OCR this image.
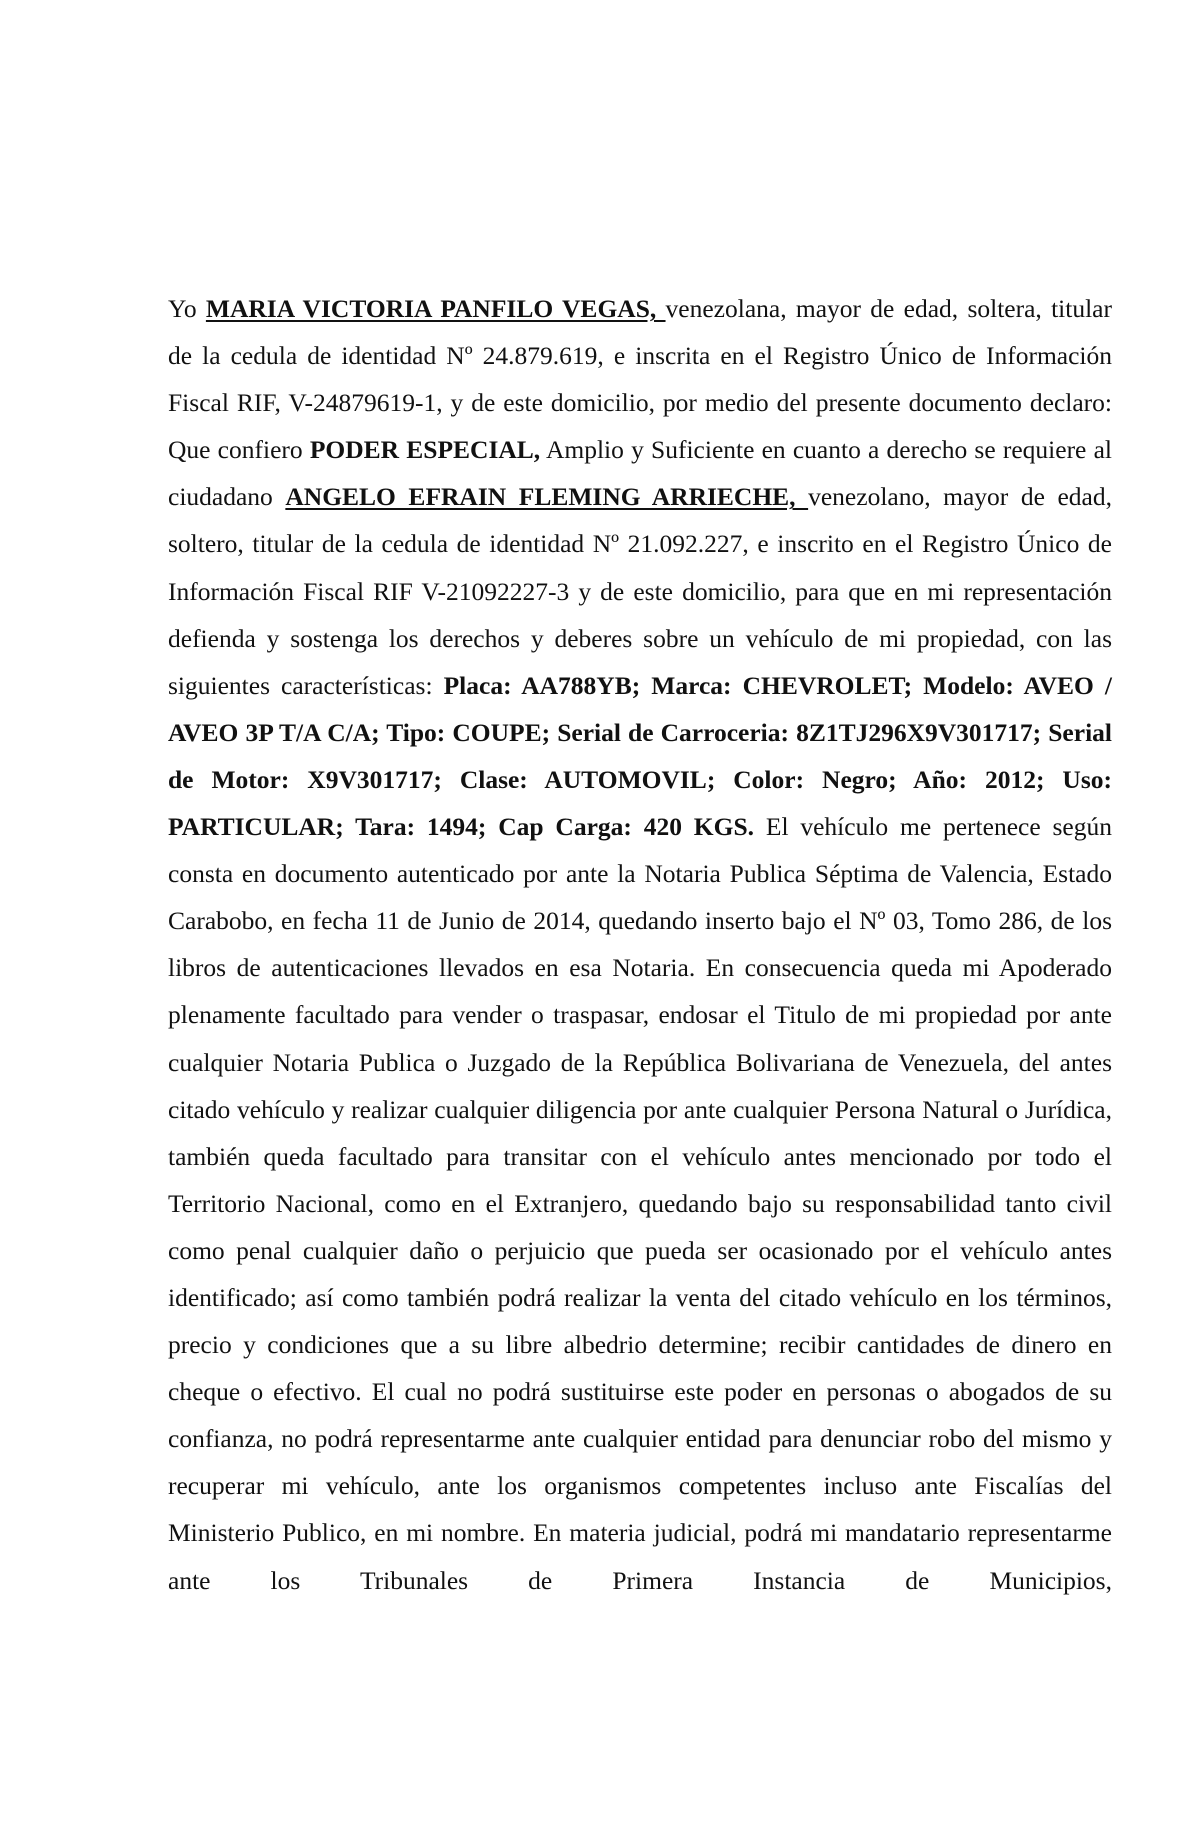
Yo MARIA VICTORIA PANFILO VEGAS, venezolana, mayor de edad, soltera, titular de la cedula de identidad Nº 24.879.619, e inscrita en el Registro Único de Información Fiscal RIF, V-24879619-1, y de este domicilio, por medio del presente documento declaro: Que confiero PODER ESPECIAL, Amplio y Suficiente en cuanto a derecho se requiere al ciudadano ANGELO EFRAIN FLEMING ARRIECHE, venezolano, mayor de edad, soltero, titular de la cedula de identidad Nº 21.092.227, e inscrito en el Registro Único de Información Fiscal RIF V-21092227-3 y de este domicilio, para que en mi representación defienda y sostenga los derechos y deberes sobre un vehículo de mi propiedad, con las siguientes características: Placa: AA788YB; Marca: CHEVROLET; Modelo: AVEO / AVEO 3P T/A C/A; Tipo: COUPE; Serial de Carroceria: 8Z1TJ296X9V301717; Serial de Motor: X9V301717; Clase: AUTOMOVIL; Color: Negro; Año: 2012; Uso: PARTICULAR; Tara: 1494; Cap Carga: 420 KGS. El vehículo me pertenece según consta en documento autenticado por ante la Notaria Publica Séptima de Valencia, Estado Carabobo, en fecha 11 de Junio de 2014, quedando inserto bajo el Nº 03, Tomo 286, de los libros de autenticaciones llevados en esa Notaria. En consecuencia queda mi Apoderado plenamente facultado para vender o traspasar, endosar el Titulo de mi propiedad por ante cualquier Notaria Publica o Juzgado de la República Bolivariana de Venezuela, del antes citado vehículo y realizar cualquier diligencia por ante cualquier Persona Natural o Jurídica, también queda facultado para transitar con el vehículo antes mencionado por todo el Territorio Nacional, como en el Extranjero, quedando bajo su responsabilidad tanto civil como penal cualquier daño o perjuicio que pueda ser ocasionado por el vehículo antes identificado; así como también podrá realizar la venta del citado vehículo en los términos, precio y condiciones que a su libre albedrio determine; recibir cantidades de dinero en cheque o efectivo. El cual no podrá sustituirse este poder en personas o abogados de su confianza, no podrá representarme ante cualquier entidad para denunciar robo del mismo y recuperar mi vehículo, ante los organismos competentes incluso ante Fiscalías del Ministerio Publico, en mi nombre. En materia judicial, podrá mi mandatario representarme ante los Tribunales de Primera Instancia de Municipios,
